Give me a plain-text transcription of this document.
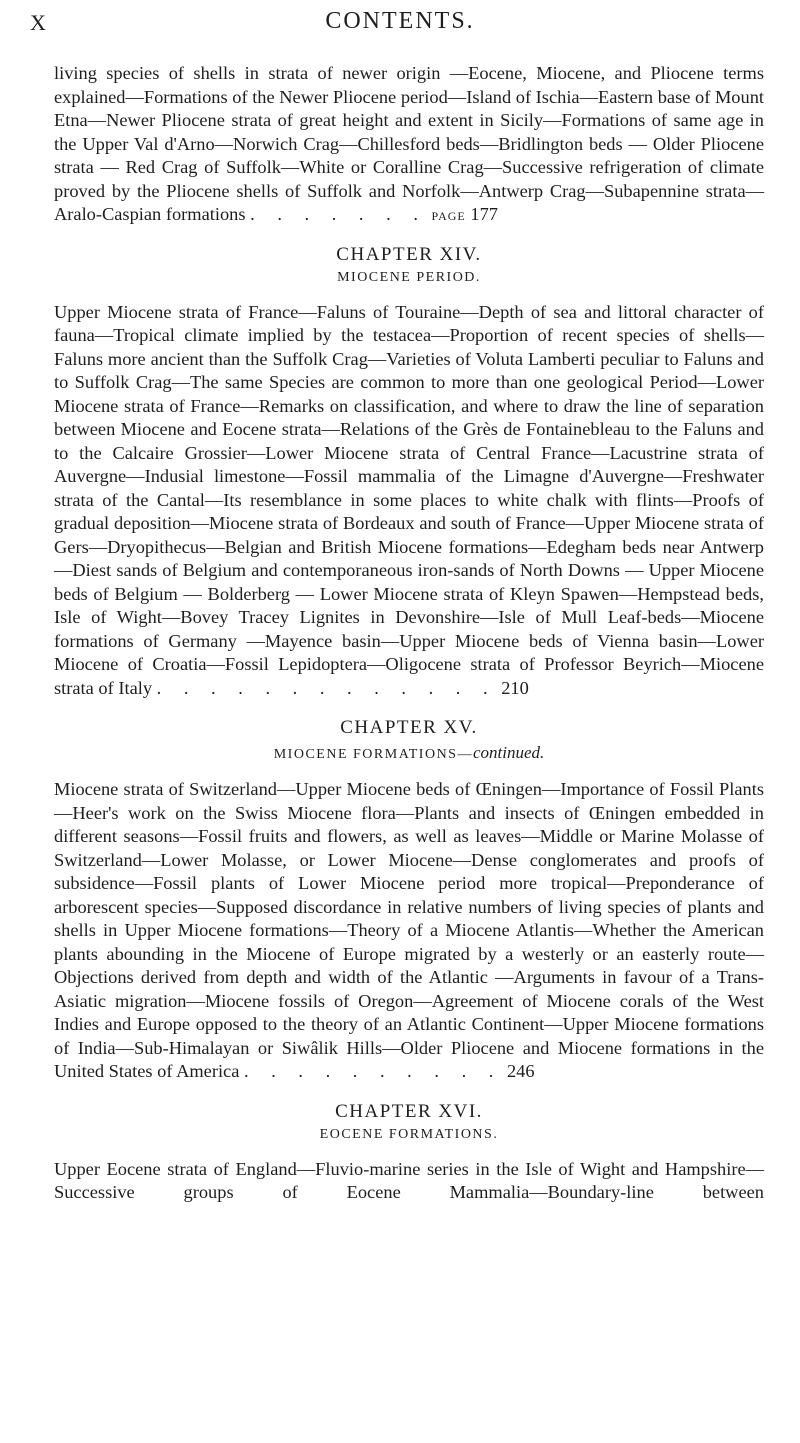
X	CONTENTS.

living species of shells in strata of newer origin —Eocene, Miocene, and Pliocene terms explained—Formations of the Newer Pliocene period—Island of Ischia—Eastern base of Mount Etna—Newer Pliocene strata of great height and extent in Sicily—Formations of same age in the Upper Val d'Arno—Norwich Crag—Chillesford beds—Bridlington beds — Older Pliocene strata — Red Crag of Suffolk—White or Coralline Crag—Successive refrigeration of climate proved by the Pliocene shells of Suffolk and Norfolk—Antwerp Crag—Subapennine strata—Aralo-Caspian formations . . . . . . . page 177

CHAPTER XIV.
MIOCENE PERIOD.

Upper Miocene strata of France—Faluns of Touraine—Depth of sea and littoral character of fauna—Tropical climate implied by the testacea—Proportion of recent species of shells—Faluns more ancient than the Suffolk Crag—Varieties of Voluta Lamberti peculiar to Faluns and to Suffolk Crag—The same Species are common to more than one geological Period—Lower Miocene strata of France—Remarks on classification, and where to draw the line of separation between Miocene and Eocene strata—Relations of the Grès de Fontainebleau to the Faluns and to the Calcaire Grossier—Lower Miocene strata of Central France—Lacustrine strata of Auvergne—Indusial limestone—Fossil mammalia of the Limagne d'Auvergne—Freshwater strata of the Cantal—Its resemblance in some places to white chalk with flints—Proofs of gradual deposition—Miocene strata of Bordeaux and south of France—Upper Miocene strata of Gers—Dryopithecus—Belgian and British Miocene formations—Edegham beds near Antwerp—Diest sands of Belgium and contemporaneous iron-sands of North Downs — Upper Miocene beds of Belgium — Bolderberg — Lower Miocene strata of Kleyn Spawen—Hempstead beds, Isle of Wight—Bovey Tracey Lignites in Devonshire—Isle of Mull Leaf-beds—Miocene formations of Germany —Mayence basin—Upper Miocene beds of Vienna basin—Lower Miocene of Croatia—Fossil Lepidoptera—Oligocene strata of Professor Beyrich—Miocene strata of Italy . . . . . . . . . . . . . 210

CHAPTER XV.
MIOCENE FORMATIONS—continued.

Miocene strata of Switzerland—Upper Miocene beds of Œningen—Importance of Fossil Plants—Heer's work on the Swiss Miocene flora—Plants and insects of Œningen embedded in different seasons—Fossil fruits and flowers, as well as leaves—Middle or Marine Molasse of Switzerland—Lower Molasse, or Lower Miocene—Dense conglomerates and proofs of subsidence—Fossil plants of Lower Miocene period more tropical—Preponderance of arborescent species—Supposed discordance in relative numbers of living species of plants and shells in Upper Miocene formations—Theory of a Miocene Atlantis—Whether the American plants abounding in the Miocene of Europe migrated by a westerly or an easterly route—Objections derived from depth and width of the Atlantic —Arguments in favour of a Trans-Asiatic migration—Miocene fossils of Oregon—Agreement of Miocene corals of the West Indies and Europe opposed to the theory of an Atlantic Continent—Upper Miocene formations of India—Sub-Himalayan or Siwâlik Hills—Older Pliocene and Miocene formations in the United States of America . . . . . . . . . . 246

CHAPTER XVI.
EOCENE FORMATIONS.

Upper Eocene strata of England—Fluvio-marine series in the Isle of Wight and Hampshire—Successive groups of Eocene Mammalia—Boundary-line between
